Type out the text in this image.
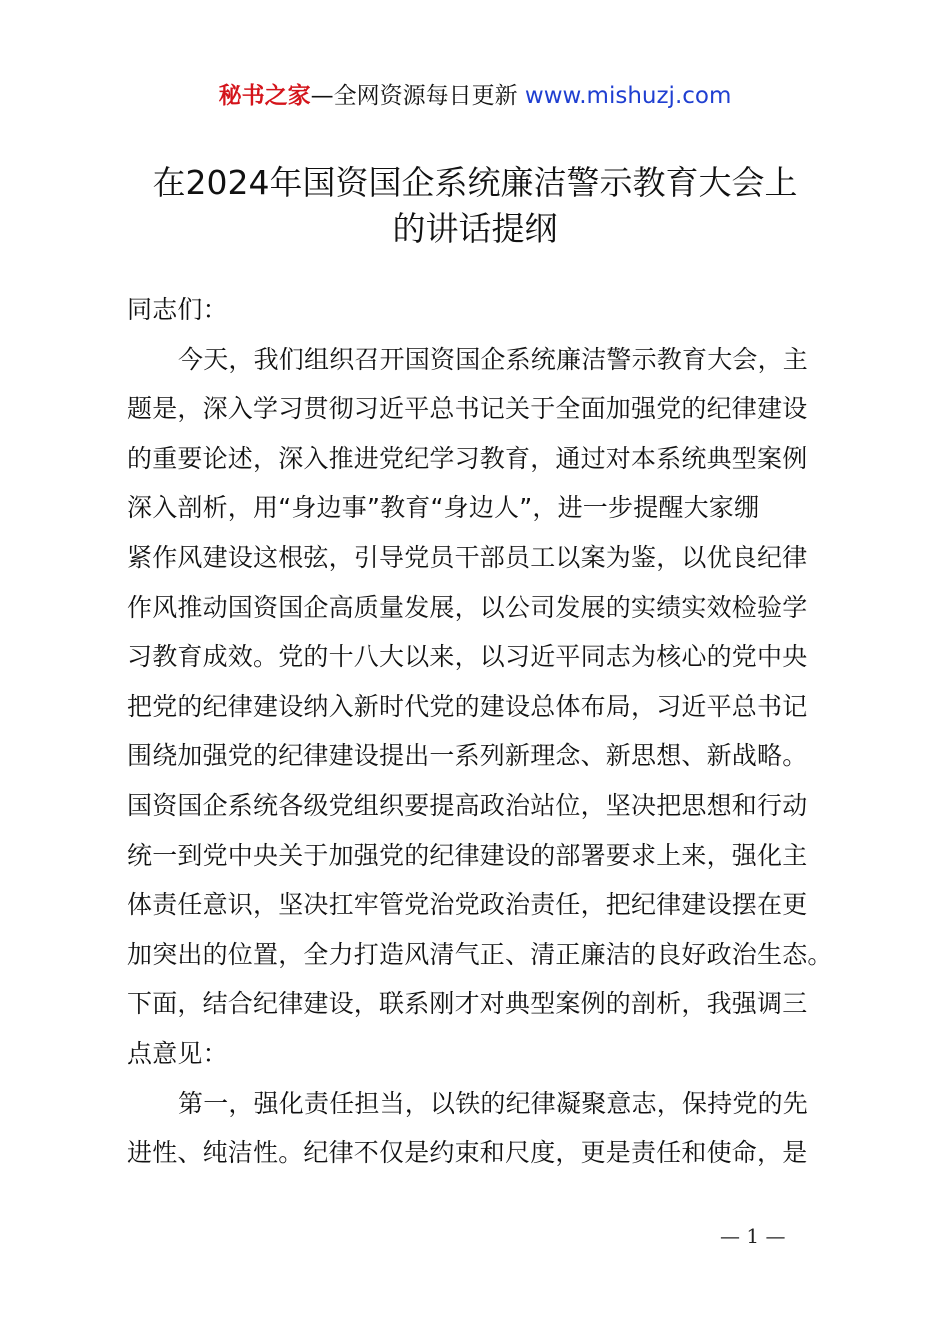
秘书之家—全网资源每日更新 www.mishuzj.com
在2024年国资国企系统廉洁警示教育大会上
的讲话提纲
同志们：
今天，我们组织召开国资国企系统廉洁警示教育大会，主
题是，深入学习贯彻习近平总书记关于全面加强党的纪律建设
的重要论述，深入推进党纪学习教育，通过对本系统典型案例
深入剖析，用“身边事”教育“身边人”，进一步提醒大家绷
紧作风建设这根弦，引导党员干部员工以案为鉴，以优良纪律
作风推动国资国企高质量发展，以公司发展的实绩实效检验学
习教育成效。党的十八大以来，以习近平同志为核心的党中央
把党的纪律建设纳入新时代党的建设总体布局，习近平总书记
围绕加强党的纪律建设提出一系列新理念、新思想、新战略。
国资国企系统各级党组织要提高政治站位，坚决把思想和行动
统一到党中央关于加强党的纪律建设的部署要求上来，强化主
体责任意识，坚决扛牢管党治党政治责任，把纪律建设摆在更
加突出的位置，全力打造风清气正、清正廉洁的良好政治生态。
下面，结合纪律建设，联系刚才对典型案例的剖析，我强调三
点意见：
第一，强化责任担当，以铁的纪律凝聚意志，保持党的先
进性、纯洁性。纪律不仅是约束和尺度，更是责任和使命，是
— 1 —
